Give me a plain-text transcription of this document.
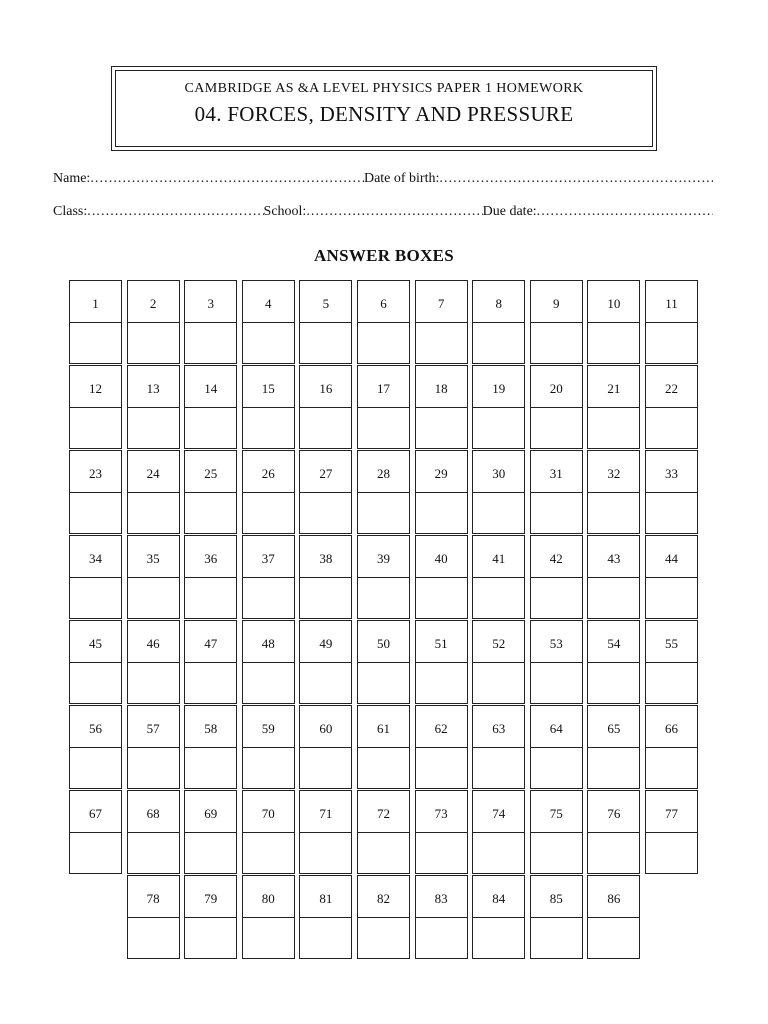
CAMBRIDGE AS &A LEVEL PHYSICS PAPER 1 HOMEWORK
04. FORCES, DENSITY AND PRESSURE
Name: . . .	Date of birth:
. . .
Class: . . .	School: . . .	Due date:
. . .
ANSWER BOXES
1	2	3	4	5	6	7	8	9	10	11
12	13	14	15	16	17	18	19	20	21	22
23	24	25	26	27	28	29	30	31	32	33
34	35	36	37	38	39	40	41	42	43	44
45	46	47	48	49	50	51	52	53	54	55
56	57	58	59	60	61	62	63	64	65	66
67	68	69	70	71	72	73	74	75	76	77
78	79	80	81	82	83	84	85	86
